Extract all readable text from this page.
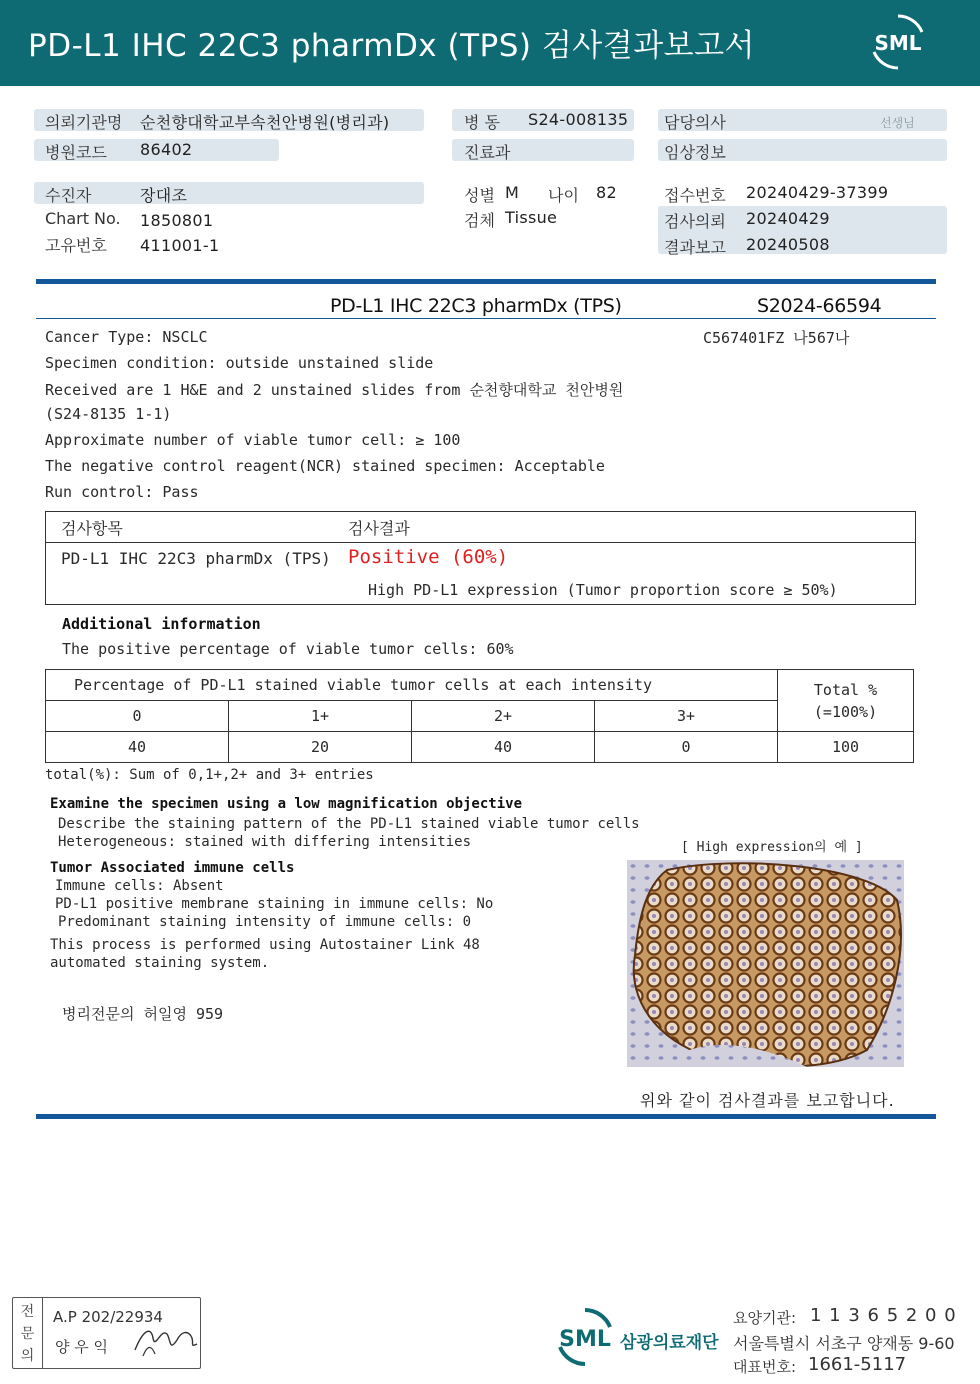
PD-L1 IHC 22C3 pharmDx (TPS) 검사결과보고서	SML
의뢰기관명 순천향대학교부속천안병원(병리과)
병원코드 86402
병 동 S24-008135
진료과
담당의사	선생님
임상정보
수진자	장대조
Chart No. 1850801
고유번호 411001-1
성별 M 나이 82
검체 Tissue
접수번호 20240429-37399
검사의뢰 20240429
결과보고 20240508
PD-L1 IHC 22C3 pharmDx (TPS)	S2024-66594
C567401FZ 나567나
Cancer Type: NSCLC
Specimen condition: outside unstained slide
Received are 1 H&E and 2 unstained slides from 순천향대학교 천안병원
(S24-8135 1-1)
Approximate number of viable tumor cell: ≥ 100
The negative control reagent(NCR) stained specimen: Acceptable
Run control: Pass
검사항목	검사결과
PD-L1 IHC 22C3 pharmDx (TPS) Positive (60%)
High PD-L1 expression (Tumor proportion score ≥ 50%)
Additional information
The positive percentage of viable tumor cells: 60%
Percentage of PD-L1 stained viable tumor cells at each intensity				Total %
(=100%)
0	1+	2+	3+	
40	20	40	0	100
total(%): Sum of 0,1+,2+ and 3+ entries
Examine the specimen using a low magnification objective
Describe the staining pattern of the PD-L1 stained viable tumor cells
Heterogeneous: stained with differing intensities	[ High expression의 예 ]
Tumor Associated immune cells
Immune cells: Absent
PD-L1 positive membrane staining in immune cells: No
Predominant staining intensity of immune cells: 0
This process is performed using Autostainer Link 48
automated staining system.
병리전문의 허일영 959
위와 같이 검사결과를 보고합니다.
전
문
의
A.P 202/22934
양 우 익	SML 삼광의료재단
요양기관: 1 1 3 6 5 2 0 0
서울특별시 서초구 양재동 9-60
대표번호: 1661-5117
